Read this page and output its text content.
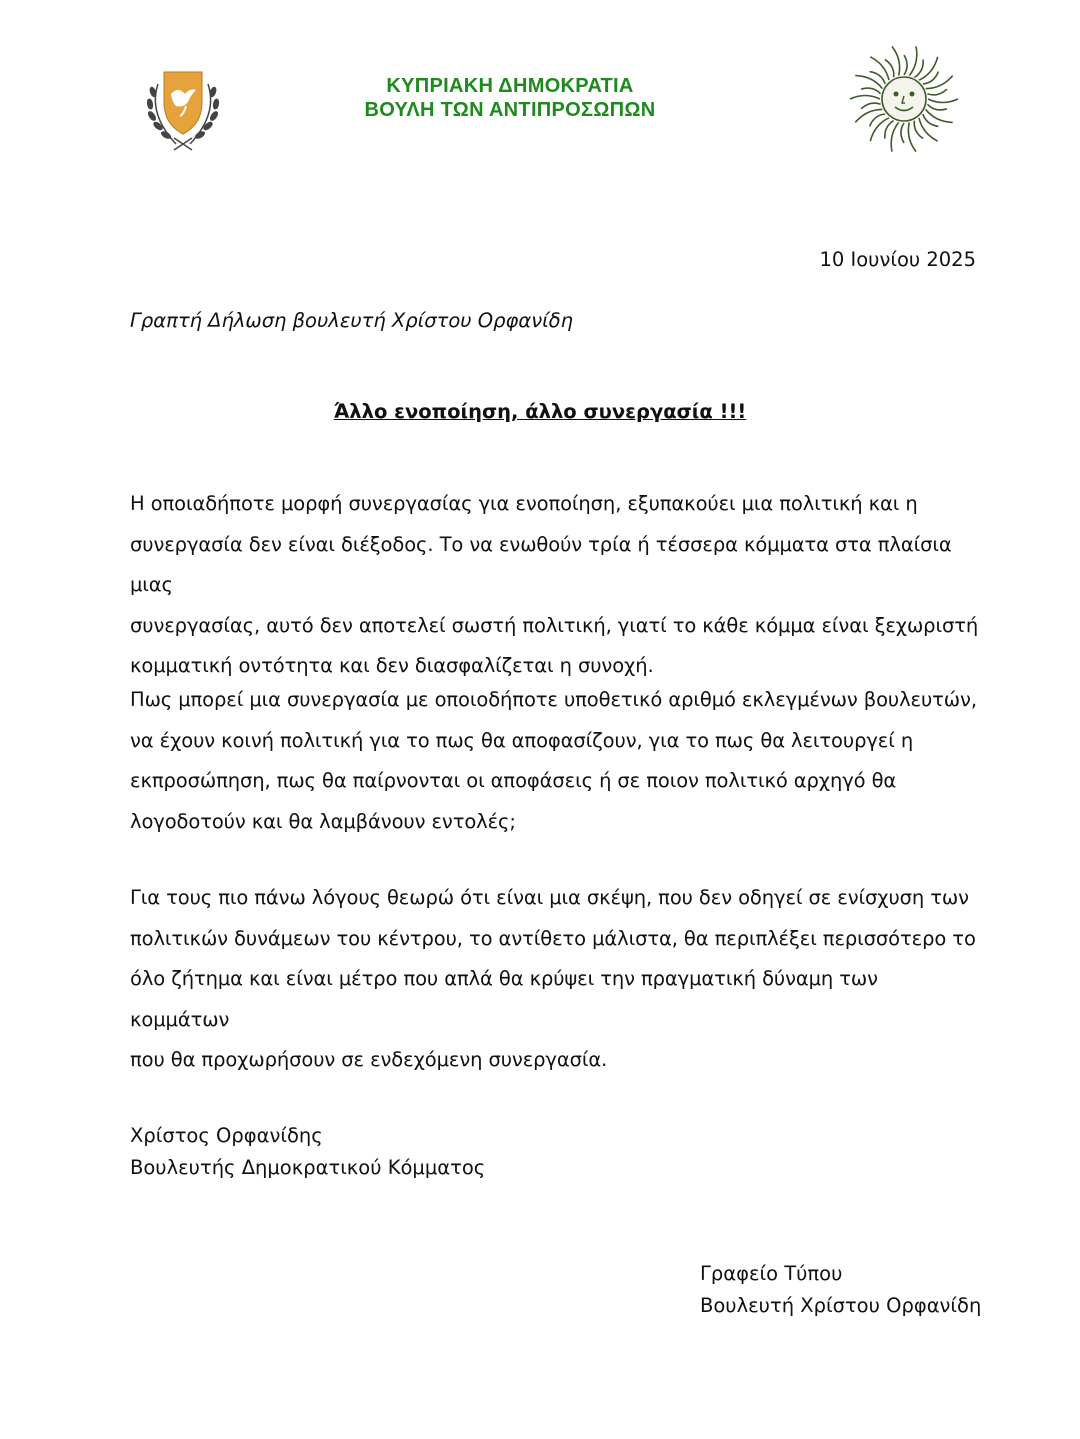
ΚΥΠΡΙΑΚΗ ΔΗΜΟΚΡΑΤΙΑ
ΒΟΥΛΗ ΤΩΝ ΑΝΤΙΠΡΟΣΩΠΩΝ
10 Ιουνίου 2025
Γραπτή Δήλωση βουλευτή Χρίστου Ορφανίδη
Άλλο ενοποίηση, άλλο συνεργασία !!!
Η οποιαδήποτε μορφή συνεργασίας για ενοποίηση, εξυπακούει μια πολιτική και η
συνεργασία δεν είναι διέξοδος. Το να ενωθούν τρία ή τέσσερα κόμματα στα πλαίσια μιας
συνεργασίας, αυτό δεν αποτελεί σωστή πολιτική, γιατί το κάθε κόμμα είναι ξεχωριστή
κομματική οντότητα και δεν διασφαλίζεται η συνοχή.
Πως μπορεί μια συνεργασία με οποιοδήποτε υποθετικό αριθμό εκλεγμένων βουλευτών,
να έχουν κοινή πολιτική για το πως θα αποφασίζουν, για το πως θα λειτουργεί η
εκπροσώπηση, πως θα παίρνονται οι αποφάσεις ή σε ποιον πολιτικό αρχηγό θα
λογοδοτούν και θα λαμβάνουν εντολές;
Για τους πιο πάνω λόγους θεωρώ ότι είναι μια σκέψη, που δεν οδηγεί σε ενίσχυση των
πολιτικών δυνάμεων του κέντρου, το αντίθετο μάλιστα, θα περιπλέξει περισσότερο το
όλο ζήτημα και είναι μέτρο που απλά θα κρύψει την πραγματική δύναμη των κομμάτων
που θα προχωρήσουν σε ενδεχόμενη συνεργασία.
Χρίστος Ορφανίδης
Βουλευτής Δημοκρατικού Κόμματος
Γραφείο Τύπου
Βουλευτή Χρίστου Ορφανίδη
